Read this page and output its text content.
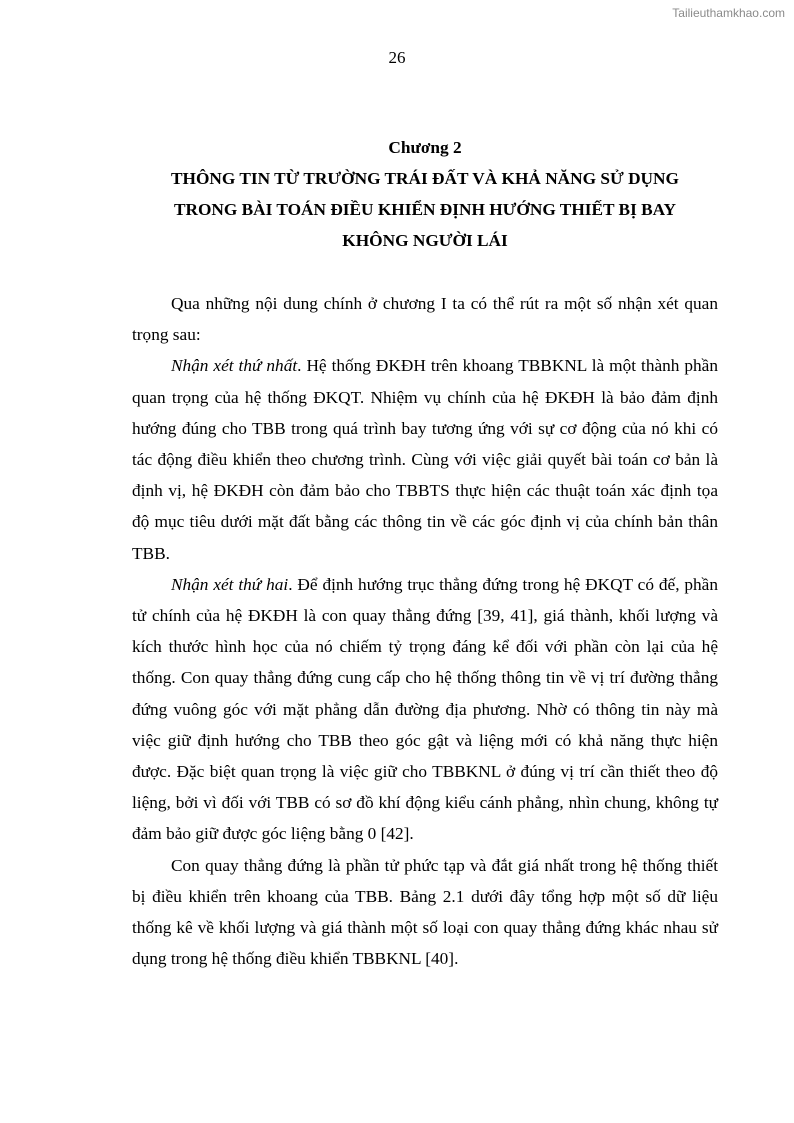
Tailieuthamkhao.com
26
Chương 2
THÔNG TIN TỪ TRƯỜNG TRÁI ĐẤT VÀ KHẢ NĂNG SỬ DỤNG
TRONG BÀI TOÁN ĐIỀU KHIỂN ĐỊNH HƯỚNG THIẾT BỊ BAY
KHÔNG NGƯỜI LÁI

Qua những nội dung chính ở chương I ta có thể rút ra một số nhận xét quan trọng sau:

Nhận xét thứ nhất. Hệ thống ĐKĐH trên khoang TBBKNL là một thành phần quan trọng của hệ thống ĐKQT. Nhiệm vụ chính của hệ ĐKĐH là bảo đảm định hướng đúng cho TBB trong quá trình bay tương ứng với sự cơ động của nó khi có tác động điều khiển theo chương trình. Cùng với việc giải quyết bài toán cơ bản là định vị, hệ ĐKĐH còn đảm bảo cho TBBTS thực hiện các thuật toán xác định tọa độ mục tiêu dưới mặt đất bằng các thông tin về các góc định vị của chính bản thân TBB.

Nhận xét thứ hai. Để định hướng trục thẳng đứng trong hệ ĐKQT có đế, phần tử chính của hệ ĐKĐH là con quay thẳng đứng [39, 41], giá thành, khối lượng và kích thước hình học của nó chiếm tỷ trọng đáng kể đối với phần còn lại của hệ thống. Con quay thẳng đứng cung cấp cho hệ thống thông tin về vị trí đường thẳng đứng vuông góc với mặt phẳng dẫn đường địa phương. Nhờ có thông tin này mà việc giữ định hướng cho TBB theo góc gật và liệng mới có khả năng thực hiện được. Đặc biệt quan trọng là việc giữ cho TBBKNL ở đúng vị trí cần thiết theo độ liệng, bởi vì đối với TBB có sơ đồ khí động kiểu cánh phẳng, nhìn chung, không tự đảm bảo giữ được góc liệng bằng 0 [42].

Con quay thẳng đứng là phần tử phức tạp và đắt giá nhất trong hệ thống thiết bị điều khiển trên khoang của TBB. Bảng 2.1 dưới đây tổng hợp một số dữ liệu thống kê về khối lượng và giá thành một số loại con quay thẳng đứng khác nhau sử dụng trong hệ thống điều khiển TBBKNL [40].
